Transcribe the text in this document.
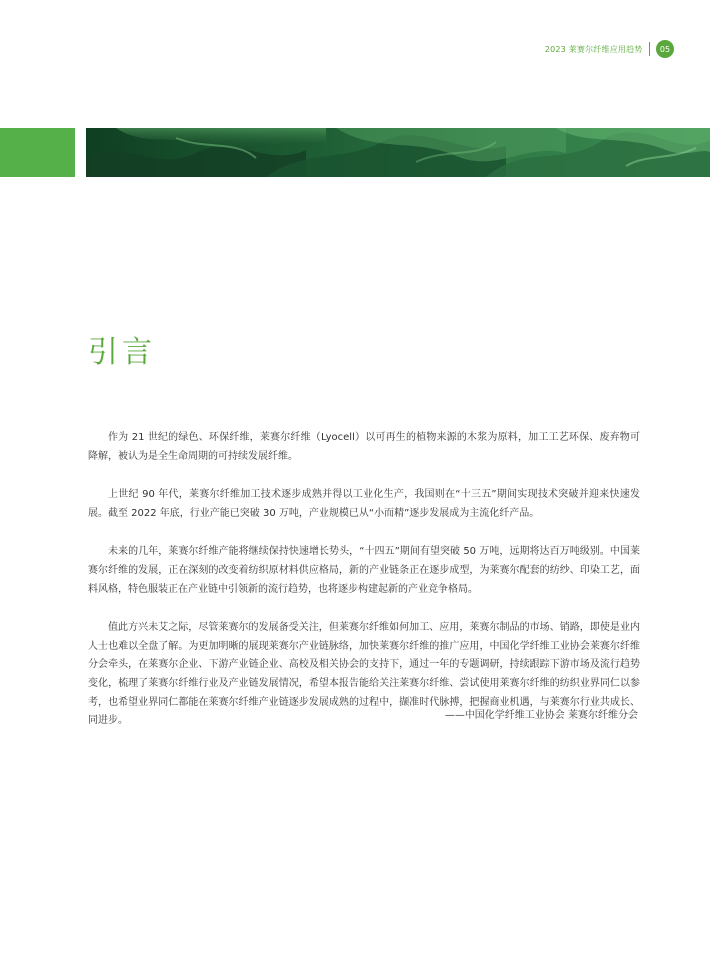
2023 莱赛尔纤维应用趋势	05
引言

作为 21 世纪的绿色、环保纤维，莱赛尔纤维（Lyocell）以可再生的植物来源的木浆为原料，加工工艺环保、废弃物可降解，被认为是全生命周期的可持续发展纤维。

上世纪 90 年代，莱赛尔纤维加工技术逐步成熟并得以工业化生产，我国则在“十三五”期间实现技术突破并迎来快速发展。截至 2022 年底，行业产能已突破 30 万吨，产业规模已从“小而精”逐步发展成为主流化纤产品。

未来的几年，莱赛尔纤维产能将继续保持快速增长势头，“十四五”期间有望突破 50 万吨，远期将达百万吨级别。中国莱赛尔纤维的发展，正在深刻的改变着纺织原材料供应格局，新的产业链条正在逐步成型，为莱赛尔配套的纺纱、印染工艺，面料风格，特色服装正在产业链中引领新的流行趋势，也将逐步构建起新的产业竞争格局。

值此方兴未艾之际，尽管莱赛尔的发展备受关注，但莱赛尔纤维如何加工、应用，莱赛尔制品的市场、销路，即使是业内人士也难以全盘了解。为更加明晰的展现莱赛尔产业链脉络，加快莱赛尔纤维的推广应用，中国化学纤维工业协会莱赛尔纤维分会牵头，在莱赛尔企业、下游产业链企业、高校及相关协会的支持下，通过一年的专题调研，持续跟踪下游市场及流行趋势变化，梳理了莱赛尔纤维行业及产业链发展情况，希望本报告能给关注莱赛尔纤维、尝试使用莱赛尔纤维的纺织业界同仁以参考，也希望业界同仁都能在莱赛尔纤维产业链逐步发展成熟的过程中，撷准时代脉搏，把握商业机遇，与莱赛尔行业共成长、同进步。	——中国化学纤维工业协会 莱赛尔纤维分会
